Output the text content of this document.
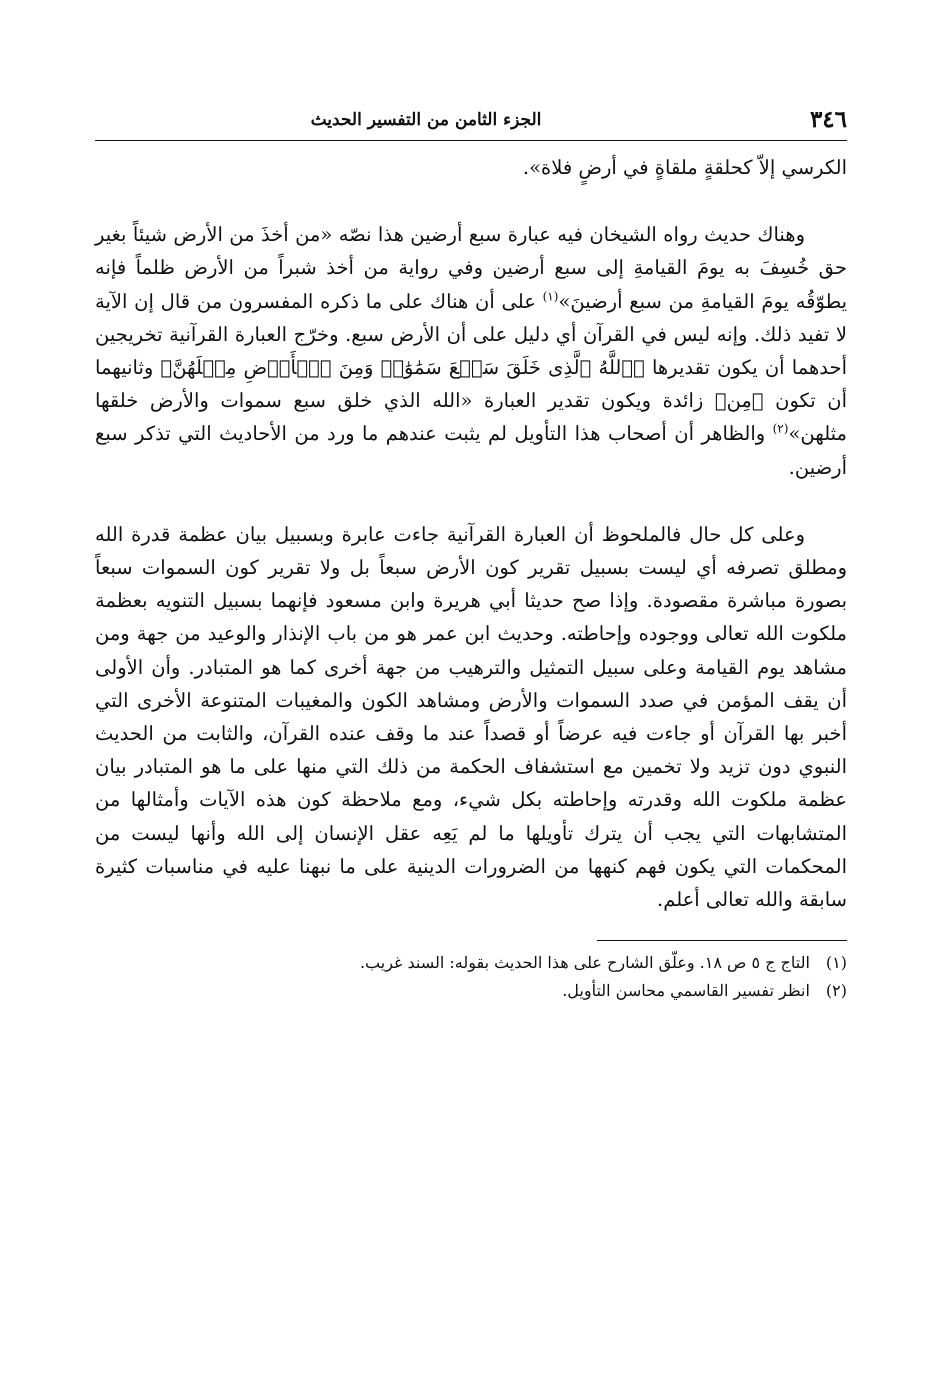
٣٤٦
الجزء الثامن من التفسير الحديث

الكرسي إلاّ كحلقةٍ ملقاةٍ في أرضٍ فلاة».

وهناك حديث رواه الشيخان فيه عبارة سبع أرضين هذا نصّه «من أخذَ من الأرض شيئاً بغير حق خُسِفَ به يومَ القيامةِ إلى سبع أرضين وفي رواية من أخذ شبراً من الأرض ظلماً فإنه يطوّقُه يومَ القيامةِ من سبع أرضينَ»$^{(١)}$ على أن هناك على ما ذكره المفسرون من قال إن الآية لا تفيد ذلك. وإنه ليس في القرآن أي دليل على أن الأرض سبع. وخرّج العبارة القرآنية تخريجين أحدهما أن يكون تقديرها ﴿ٱللَّهُ ٱلَّذِى خَلَقَ سَبۡعَ سَمَٰوَٰتٖ وَمِنَ ٱلۡأَرۡضِ مِثۡلَهُنَّ﴾ وثانيهما أن تكون ﴿مِن﴾ زائدة ويكون تقدير العبارة «الله الذي خلق سبع سموات والأرض خلقها مثلهن»$^{(٢)}$ والظاهر أن أصحاب هذا التأويل لم يثبت عندهم ما ورد من الأحاديث التي تذكر سبع أرضين.

وعلى كل حال فالملحوظ أن العبارة القرآنية جاءت عابرة وبسبيل بيان عظمة قدرة الله ومطلق تصرفه أي ليست بسبيل تقرير كون الأرض سبعاً بل ولا تقرير كون السموات سبعاً بصورة مباشرة مقصودة. وإذا صح حديثا أبي هريرة وابن مسعود فإنهما بسبيل التنويه بعظمة ملكوت الله تعالى ووجوده وإحاطته. وحديث ابن عمر هو من باب الإنذار والوعيد من جهة ومن مشاهد يوم القيامة وعلى سبيل التمثيل والترهيب من جهة أخرى كما هو المتبادر. وأن الأولى أن يقف المؤمن في صدد السموات والأرض ومشاهد الكون والمغيبات المتنوعة الأخرى التي أخبر بها القرآن أو جاءت فيه عرضاً أو قصداً عند ما وقف عنده القرآن، والثابت من الحديث النبوي دون تزيد ولا تخمين مع استشفاف الحكمة من ذلك التي منها على ما هو المتبادر بيان عظمة ملكوت الله وقدرته وإحاطته بكل شيء، ومع ملاحظة كون هذه الآيات وأمثالها من المتشابهات التي يجب أن يترك تأويلها ما لم يَعِه عقل الإنسان إلى الله وأنها ليست من المحكمات التي يكون فهم كنهها من الضرورات الدينية على ما نبهنا عليه في مناسبات كثيرة سابقة والله تعالى أعلم.

(١) التاج ج ٥ ص ١٨. وعلّق الشارح على هذا الحديث بقوله: السند غريب.

(٢) انظر تفسير القاسمي محاسن التأويل.
